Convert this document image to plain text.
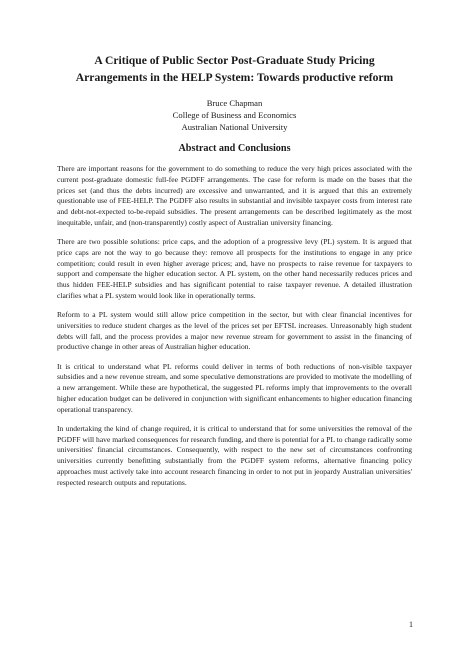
A Critique of Public Sector Post-Graduate Study Pricing
Arrangements in the HELP System: Towards productive reform
Bruce Chapman
College of Business and Economics
Australian National University
Abstract and Conclusions

There are important reasons for the government to do something to reduce the very high prices associated with the current post-graduate domestic full-fee PGDFF arrangements. The case for reform is made on the bases that the prices set (and thus the debts incurred) are excessive and unwarranted, and it is argued that this an extremely questionable use of FEE-HELP. The PGDFF also results in substantial and invisible taxpayer costs from interest rate and debt-not-expected to-be-repaid subsidies. The present arrangements can be described legitimately as the most inequitable, unfair, and (non-transparently) costly aspect of Australian university financing.

There are two possible solutions: price caps, and the adoption of a progressive levy (PL) system. It is argued that price caps are not the way to go because they: remove all prospects for the institutions to engage in any price competition; could result in even higher average prices; and, have no prospects to raise revenue for taxpayers to support and compensate the higher education sector. A PL system, on the other hand necessarily reduces prices and thus hidden FEE-HELP subsidies and has significant potential to raise taxpayer revenue. A detailed illustration clarifies what a PL system would look like in operationally terms.

Reform to a PL system would still allow price competition in the sector, but with clear financial incentives for universities to reduce student charges as the level of the prices set per EFTSL increases. Unreasonably high student debts will fall, and the process provides a major new revenue stream for government to assist in the financing of productive change in other areas of Australian higher education.

It is critical to understand what PL reforms could deliver in terms of both reductions of non-visible taxpayer subsidies and a new revenue stream, and some speculative demonstrations are provided to motivate the modelling of a new arrangement. While these are hypothetical, the suggested PL reforms imply that improvements to the overall higher education budget can be delivered in conjunction with significant enhancements to higher education financing operational transparency.

In undertaking the kind of change required, it is critical to understand that for some universities the removal of the PGDFF will have marked consequences for research funding, and there is potential for a PL to change radically some universities' financial circumstances. Consequently, with respect to the new set of circumstances confronting universities currently benefitting substantially from the PGDFF system reforms, alternative financing policy approaches must actively take into account research financing in order to not put in jeopardy Australian universities' respected research outputs and reputations.

1
